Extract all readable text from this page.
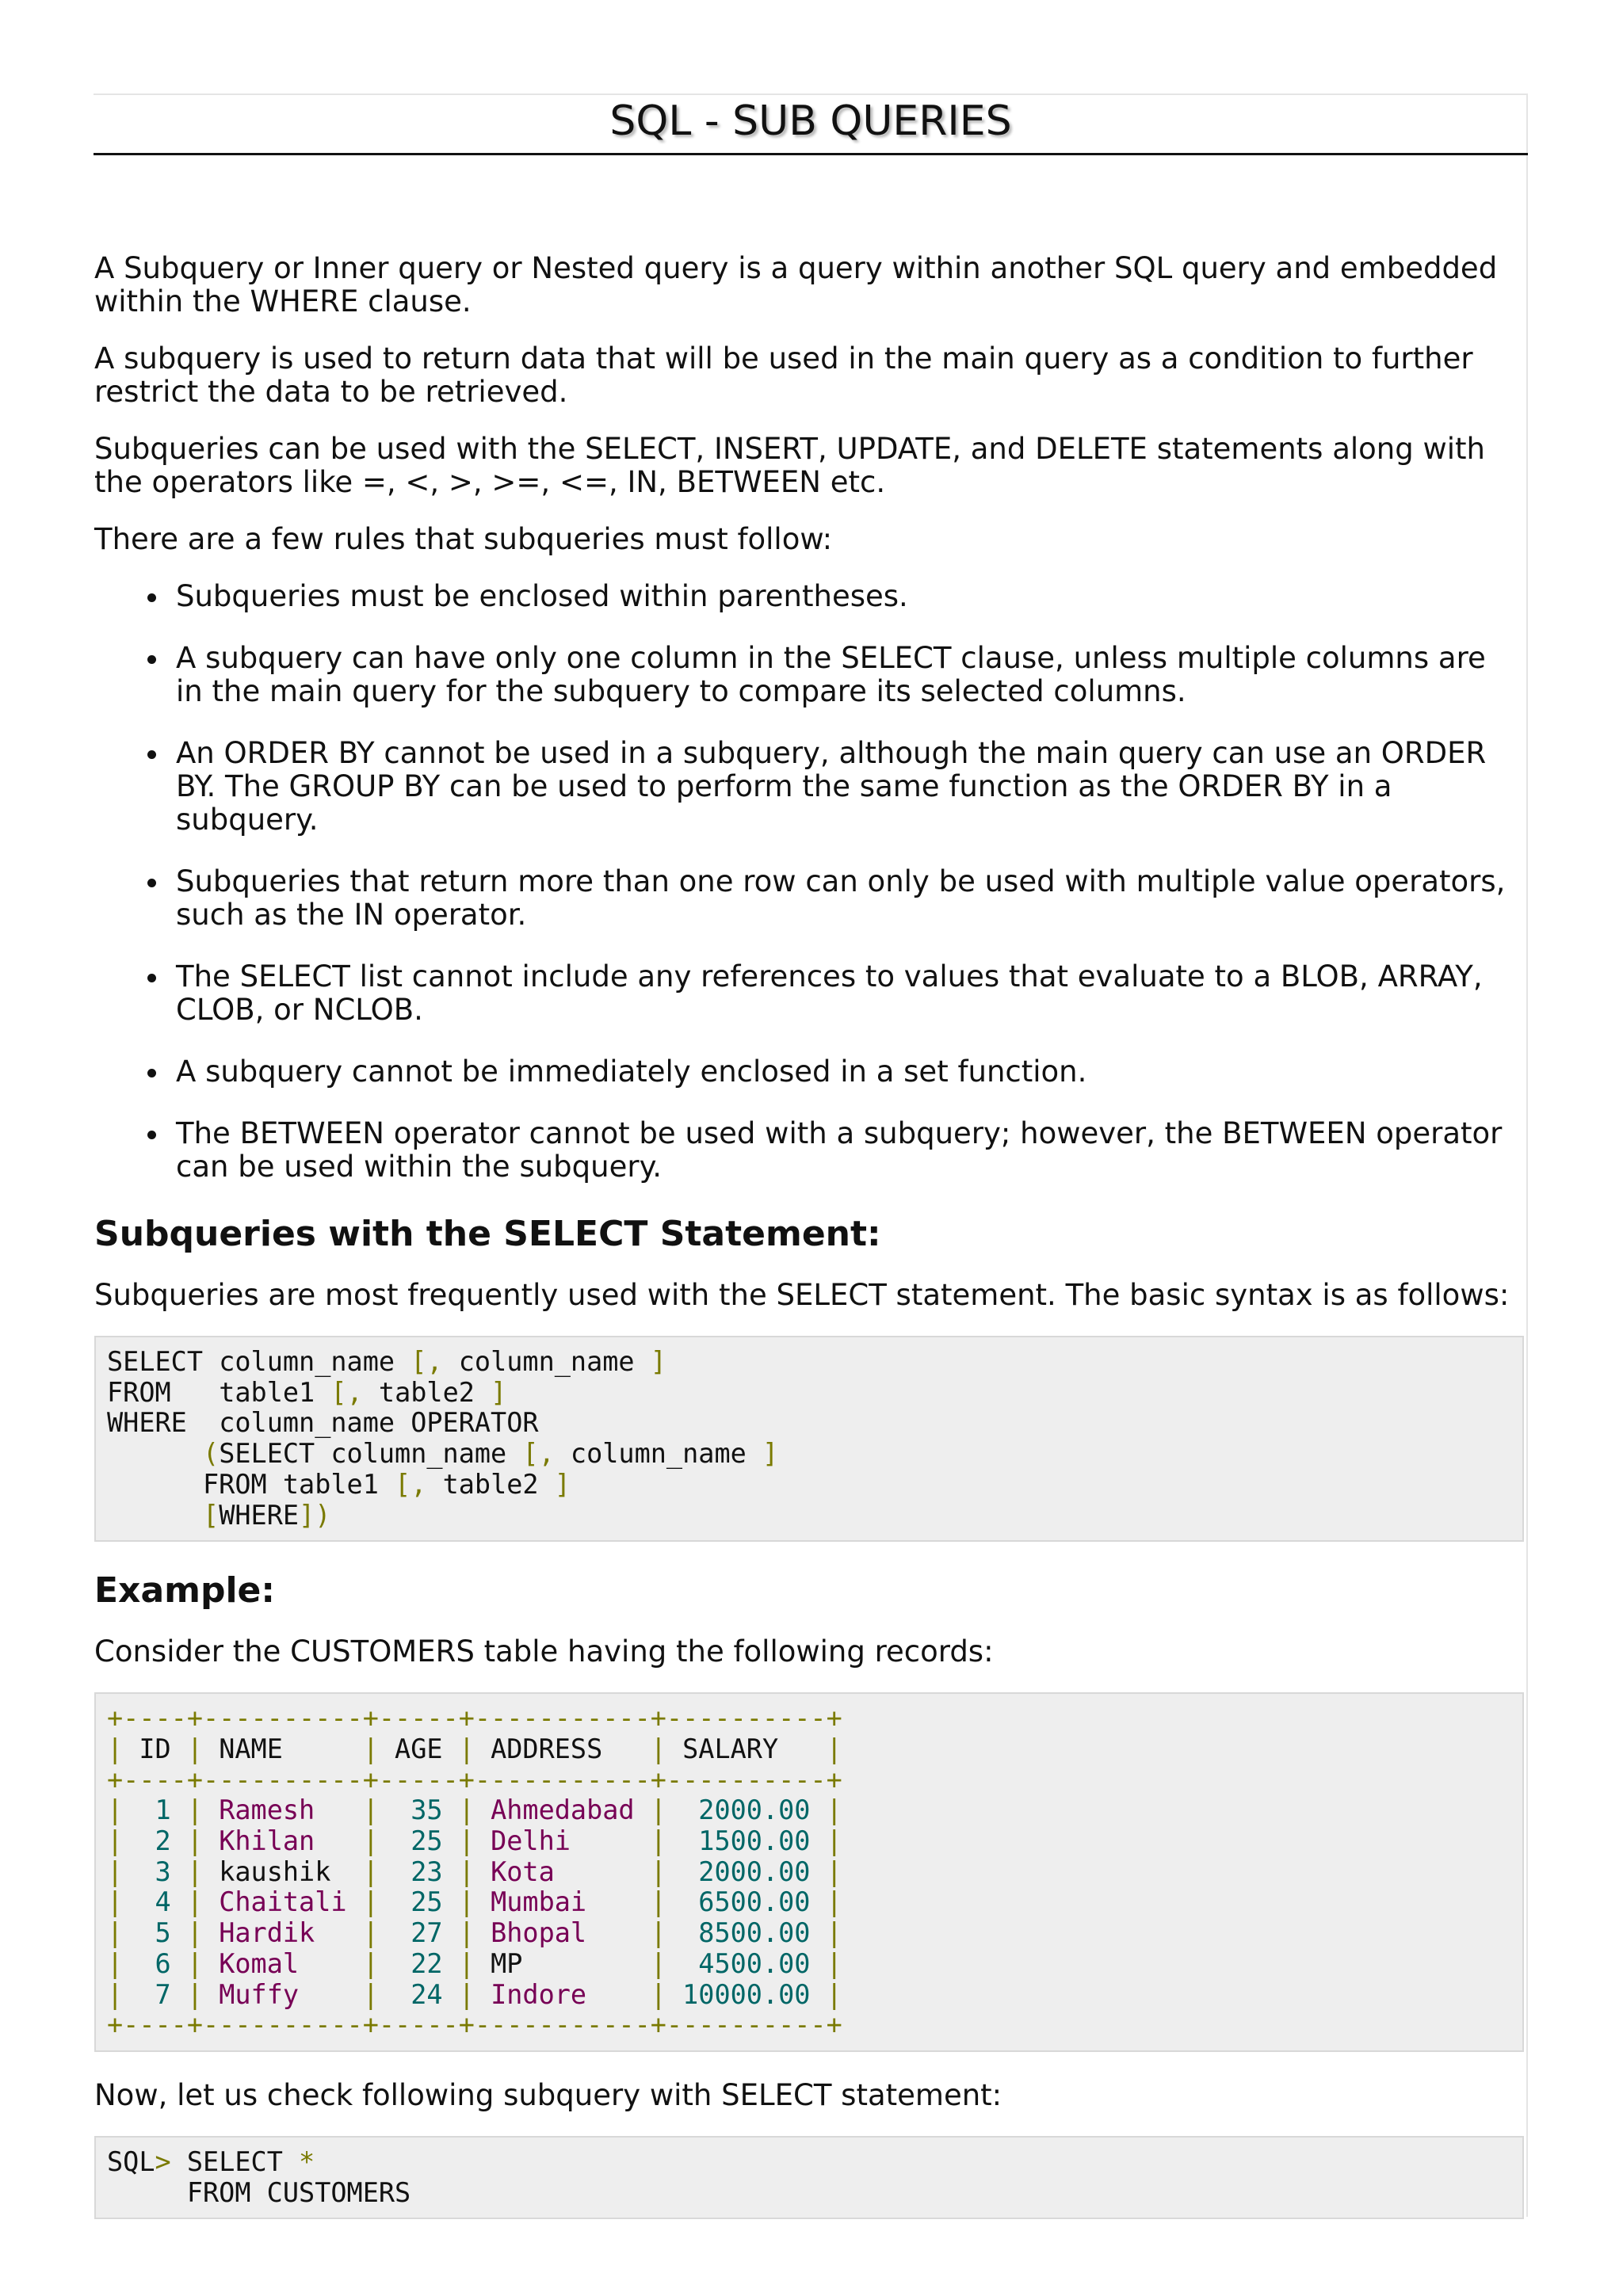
SQL - SUB QUERIES

A Subquery or Inner query or Nested query is a query within another SQL query and embedded within the WHERE clause.

A subquery is used to return data that will be used in the main query as a condition to further restrict the data to be retrieved.

Subqueries can be used with the SELECT, INSERT, UPDATE, and DELETE statements along with the operators like =, <, >, >=, <=, IN, BETWEEN etc.

There are a few rules that subqueries must follow:

Subqueries must be enclosed within parentheses.
A subquery can have only one column in the SELECT clause, unless multiple columns are in the main query for the subquery to compare its selected columns.
An ORDER BY cannot be used in a subquery, although the main query can use an ORDER BY. The GROUP BY can be used to perform the same function as the ORDER BY in a subquery.
Subqueries that return more than one row can only be used with multiple value operators, such as the IN operator.
The SELECT list cannot include any references to values that evaluate to a BLOB, ARRAY, CLOB, or NCLOB.
A subquery cannot be immediately enclosed in a set function.
The BETWEEN operator cannot be used with a subquery; however, the BETWEEN operator can be used within the subquery.
Subqueries with the SELECT Statement:

Subqueries are most frequently used with the SELECT statement. The basic syntax is as follows:

SELECT column_name [, column_name ]
FROM table1 [, table2 ]
WHERE column_name OPERATOR
(SELECT column_name [, column_name ]
FROM table1 [, table2 ]
[WHERE])
Example:

Consider the CUSTOMERS table having the following records:

+----+----------+-----+-----------+----------+
| ID | NAME     | AGE | ADDRESS   | SALARY   |
+----+----------+-----+-----------+----------+
|  1 | Ramesh   |  35 | Ahmedabad |  2000.00 |
|  2 | Khilan   |  25 | Delhi     |  1500.00 |
|  3 | kaushik  |  23 | Kota      |  2000.00 |
|  4 | Chaitali |  25 | Mumbai    |  6500.00 |
|  5 | Hardik   |  27 | Bhopal    |  8500.00 |
|  6 | Komal    |  22 | MP        |  4500.00 |
|  7 | Muffy    |  24 | Indore    | 10000.00 |
+----+----------+-----+-----------+----------+

Now, let us check following subquery with SELECT statement:

SQL> SELECT *
FROM CUSTOMERS
